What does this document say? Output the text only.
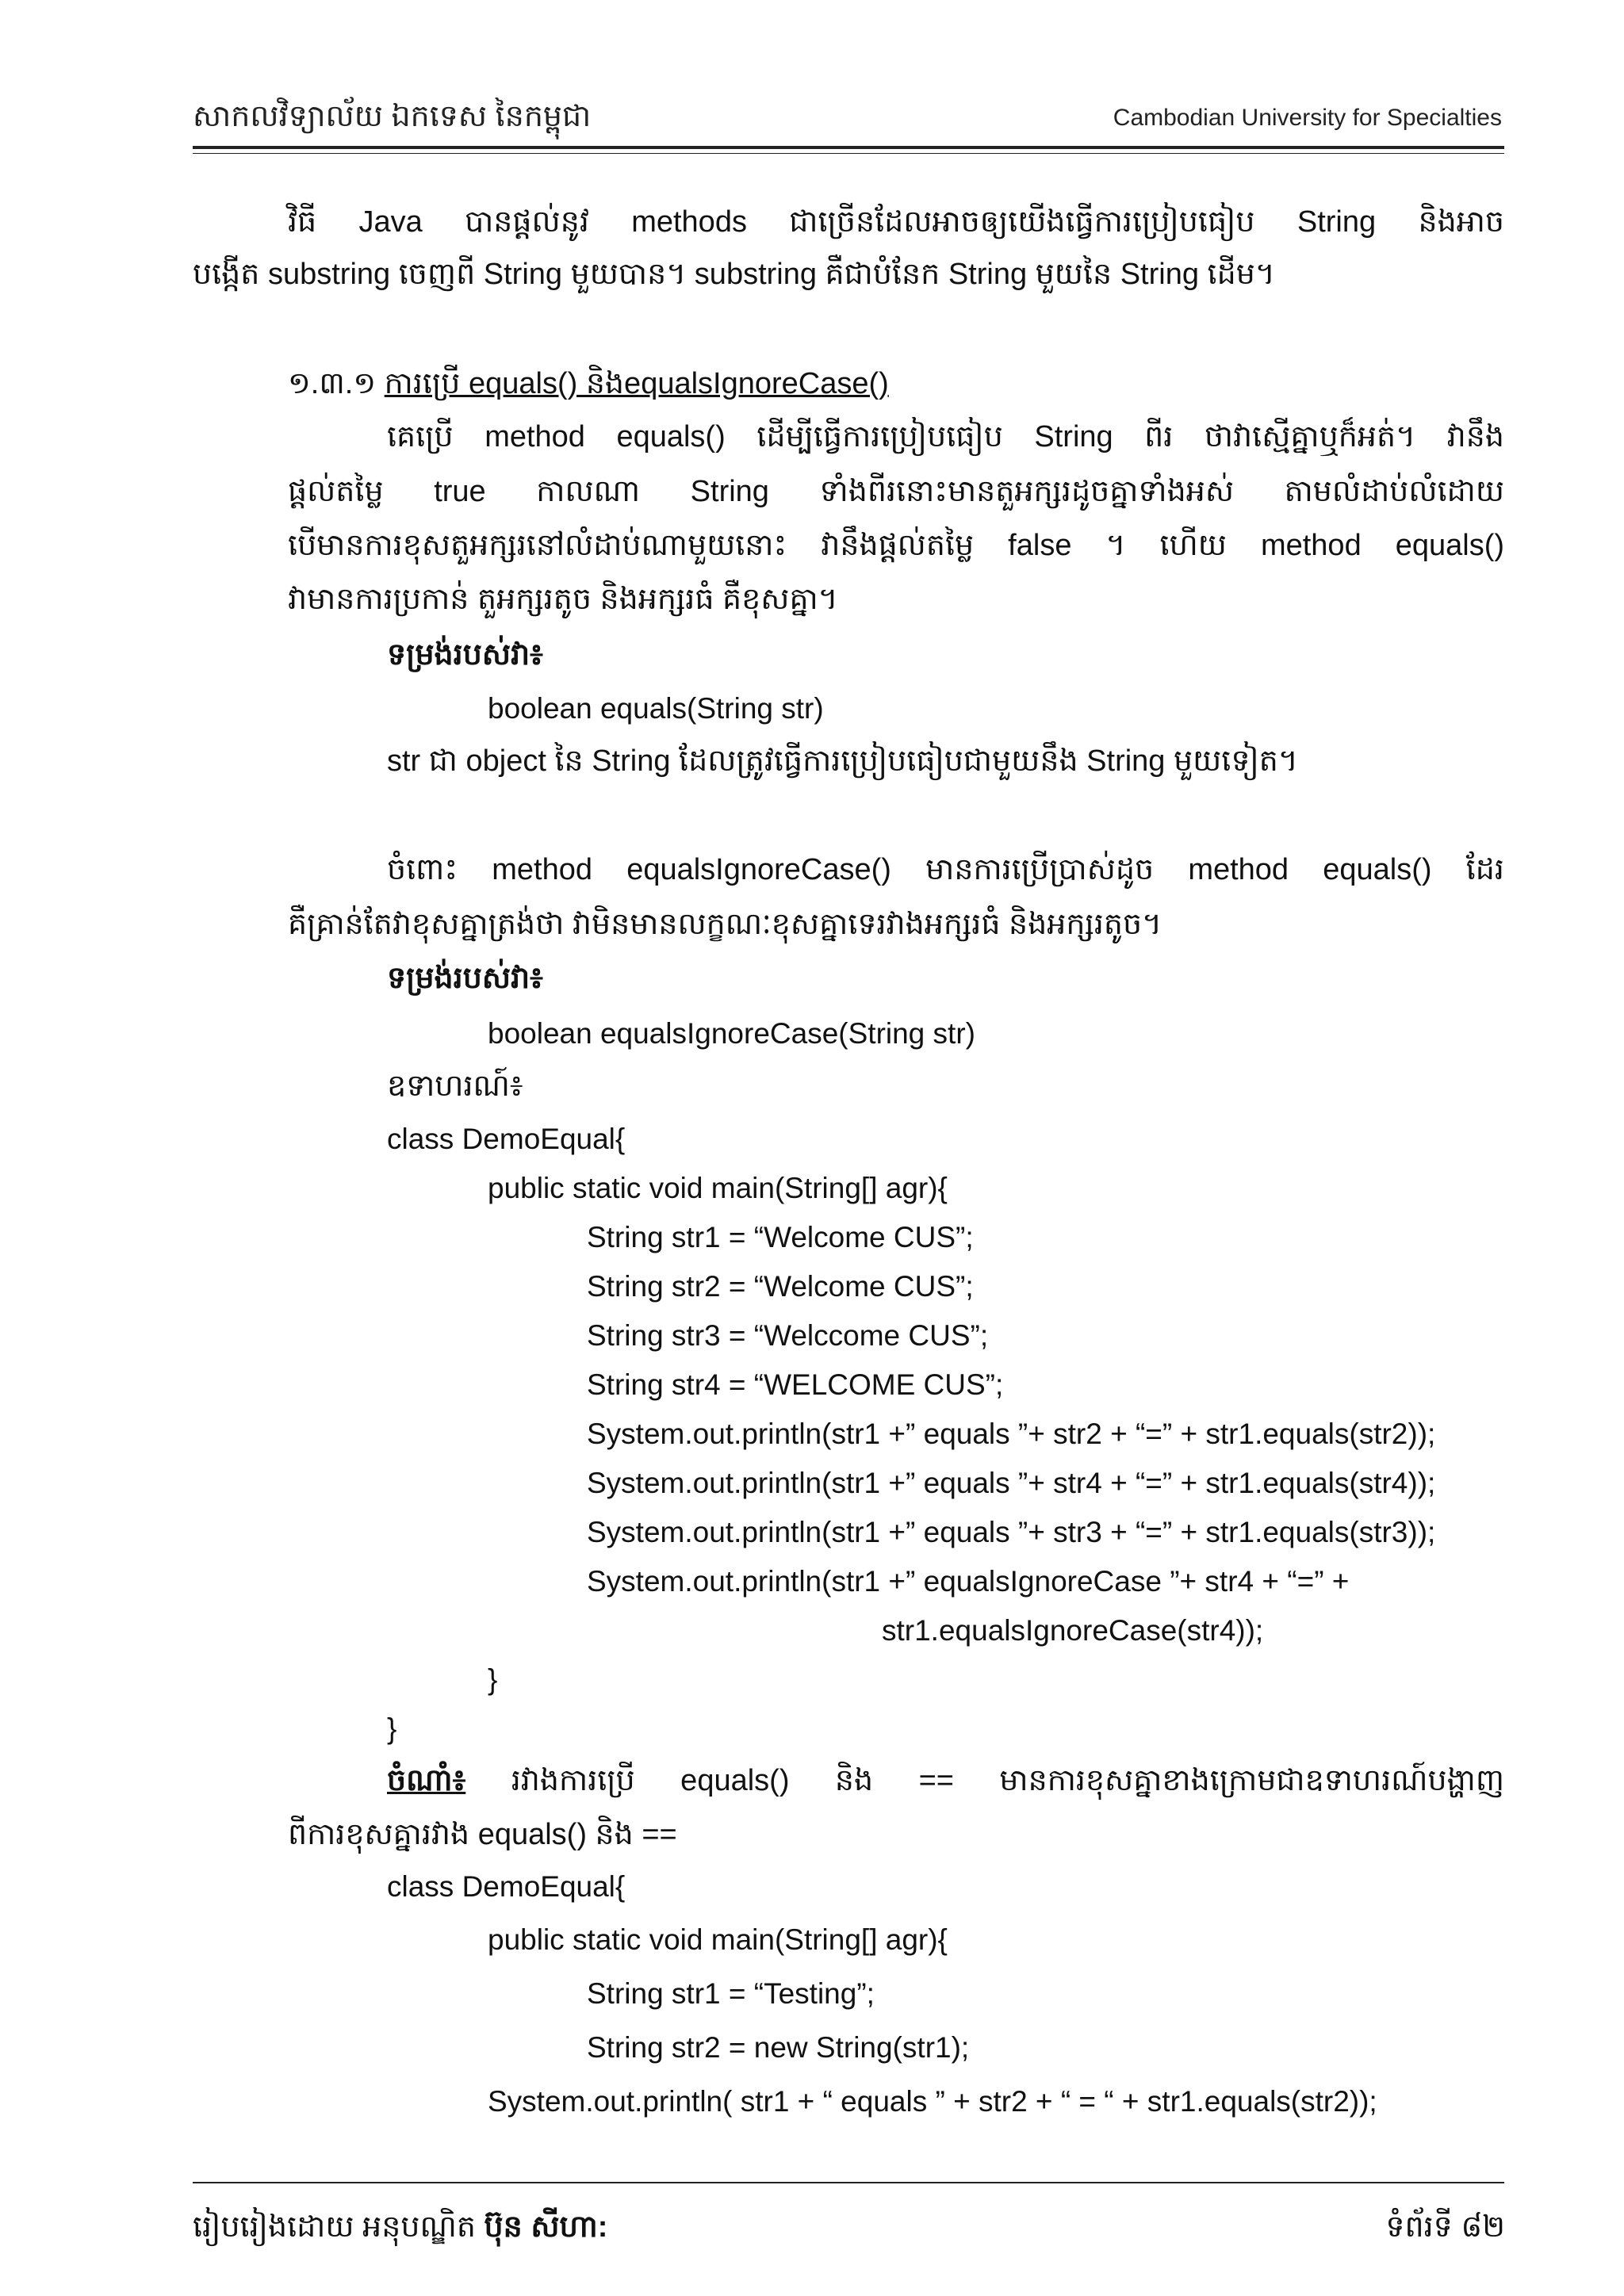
សាកលវិទ្យាល័យ ឯកទេស នៃកម្ពុជា	Cambodian University for Specialties
វិធី Java បានផ្តល់នូវ methods ជាច្រើនដែលអាចឲ្យយើងធ្វើការប្រៀបធៀប String និងអាច
បង្កើត substring ចេញពី String មួយបាន។ substring គឺជាបំនែក String មួយនៃ String ដើម។
១.៣.១ ការប្រើ equals() និងequalsIgnoreCase()
គេប្រើ method equals() ដើម្បីធ្វើការប្រៀបធៀប String ពីរ ថាវាស្មើគ្នាឬក៏អត់។ វានឹង
ផ្តល់តម្លៃ true កាលណា String ទាំងពីរនោះមានតួអក្សរដូចគ្នាទាំងអស់ តាមលំដាប់លំដោយ
បើមានការខុសតួអក្សរនៅលំដាប់ណាមួយនោះ វានឹងផ្តល់តម្លៃ false ។ ហើយ method equals()
វាមានការប្រកាន់ តួអក្សរតូច និងអក្សរធំ គឺខុសគ្នា។
ទម្រង់របស់វា៖
boolean equals(String str)
str ជា object នៃ String ដែលត្រូវធ្វើការប្រៀបធៀបជាមួយនឹង String មួយទៀត។
ចំពោះ method equalsIgnoreCase() មានការប្រើប្រាស់ដូច method equals() ដែរ
គឺគ្រាន់តែវាខុសគ្នាត្រង់ថា វាមិនមានលក្ខណៈខុសគ្នាទេរវាងអក្សរធំ និងអក្សរតូច។
ទម្រង់របស់វា៖
boolean equalsIgnoreCase(String str)
ឧទាហរណ៍៖
class DemoEqual{
public static void main(String[] agr){
String str1 = “Welcome CUS”;
String str2 = “Welcome CUS”;
String str3 = “Welccome CUS”;
String str4 = “WELCOME CUS”;
System.out.println(str1 +” equals ”+ str2 + “=” + str1.equals(str2));
System.out.println(str1 +” equals ”+ str4 + “=” + str1.equals(str4));
System.out.println(str1 +” equals ”+ str3 + “=” + str1.equals(str3));
System.out.println(str1 +” equalsIgnoreCase ”+ str4 + “=” +
str1.equalsIgnoreCase(str4));
}
}
ចំណាំ៖ រវាងការប្រើ equals() និង == មានការខុសគ្នាខាងក្រោមជាឧទាហរណ៍បង្ហាញ
ពីការខុសគ្នារវាង equals() និង ==
class DemoEqual{
public static void main(String[] agr){
String str1 = “Testing”;
String str2 = new String(str1);
System.out.println( str1 + “ equals ” + str2 + “ = “ + str1.equals(str2));
រៀបរៀងដោយ អនុបណ្ឌិត ប៊ុន សីហា:	ទំព័រទី ៨២
